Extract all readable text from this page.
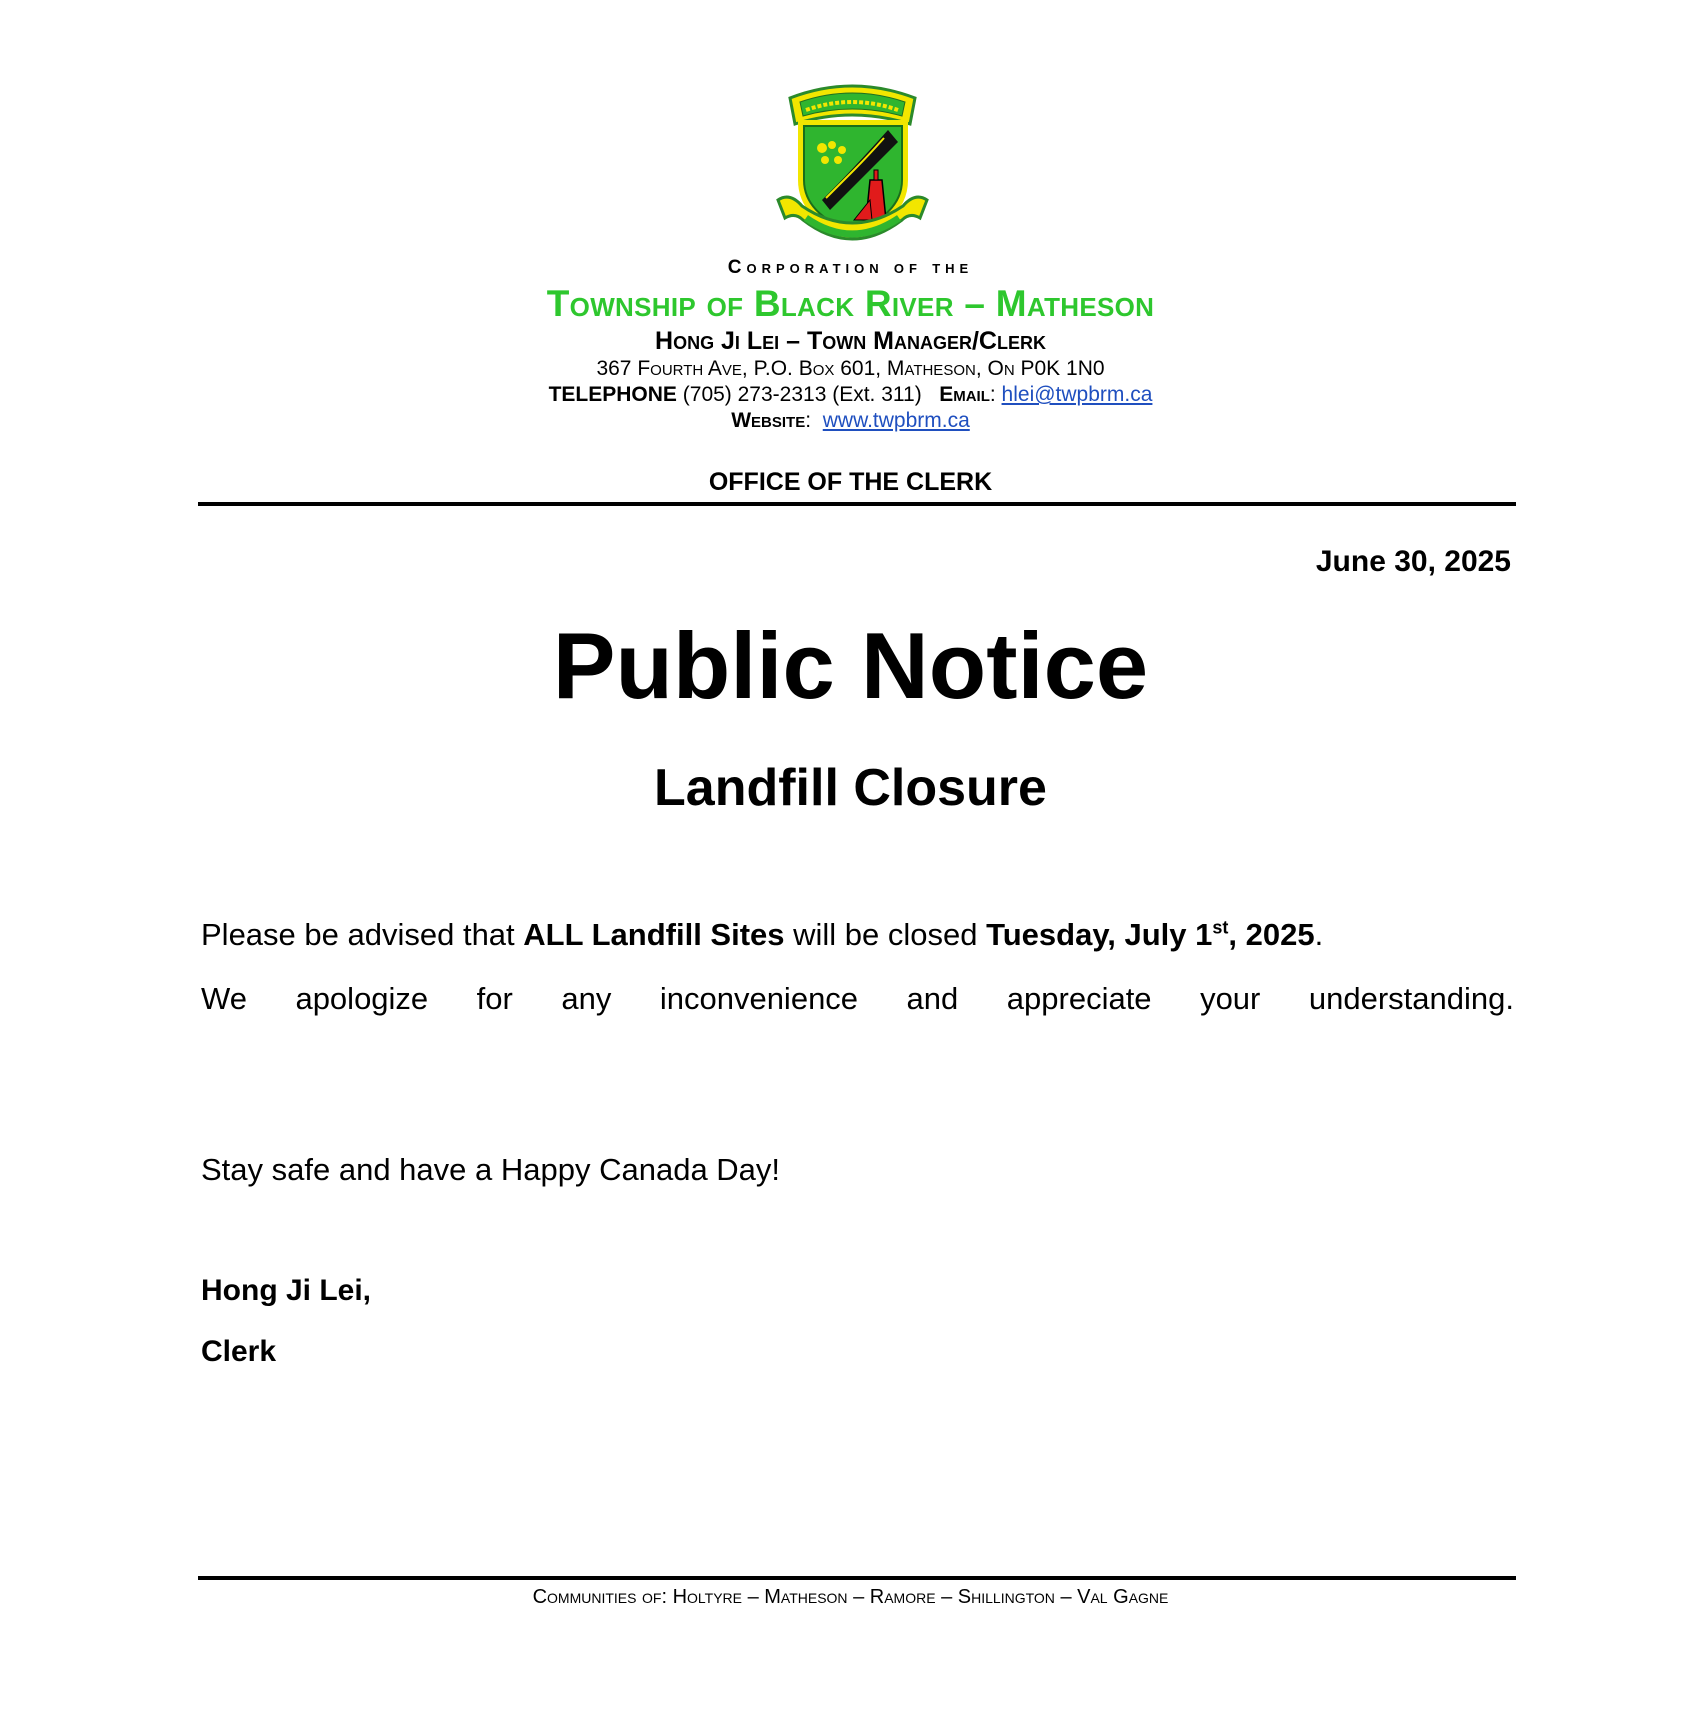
Corporation of the
Township of Black River – Matheson
Hong Ji Lei – Town Manager/Clerk
367 Fourth Ave, P.O. Box 601, Matheson, On P0K 1N0
TELEPHONE (705) 273-2313 (Ext. 311)   Email: hlei@twpbrm.ca
Website:  www.twpbrm.ca
OFFICE OF THE CLERK
June 30, 2025
Public Notice
Landfill Closure
Please be advised that ALL Landfill Sites will be closed Tuesday, July 1st, 2025.
We apologize for any inconvenience and appreciate your understanding.
Stay safe and have a Happy Canada Day!
Hong Ji Lei,
Clerk
Communities of: Holtyre – Matheson – Ramore – Shillington – Val Gagne
